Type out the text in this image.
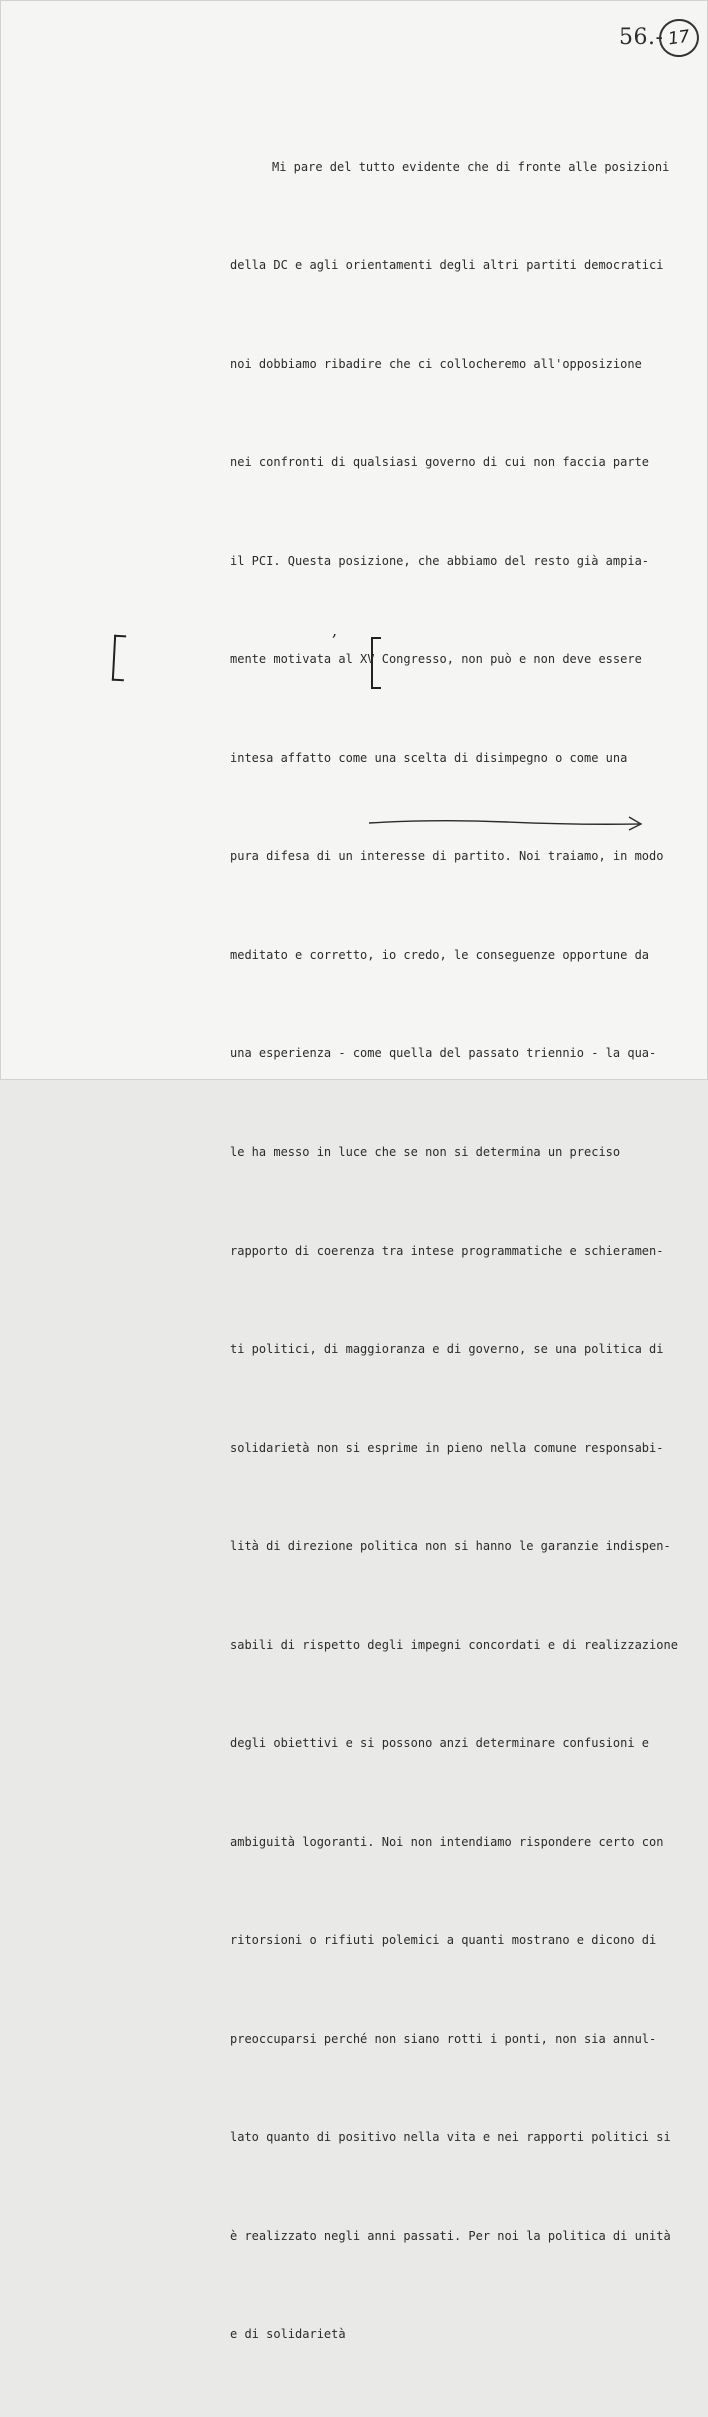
56.- 17

Mi pare del tutto evidente che di fronte alle posizioni

della DC e agli orientamenti degli altri partiti democratici

noi dobbiamo ribadire che ci collocheremo all'opposizione

nei confronti di qualsiasi governo di cui non faccia parte

il PCI. Questa posizione, che abbiamo del resto già ampia-

mente motivata al XV Congresso, non può e non deve essere

intesa affatto come una scelta di disimpegno o come una

pura difesa di un interesse di partito. Noi traiamo, in modo

meditato e corretto, io credo, le conseguenze opportune da

una esperienza - come quella del passato triennio - la qua-

le ha messo in luce che se non si determina un preciso

rapporto di coerenza tra intese programmatiche e schieramen-

ti politici, di maggioranza e di governo, se una politica di

solidarietà non si esprime in pieno nella comune responsabi-

lità di direzione politica non si hanno le garanzie indispen-

sabili di rispetto degli impegni concordati e di realizzazione

degli obiettivi e si possono anzi determinare confusioni e

ambiguità logoranti. Noi non intendiamo rispondere certo con

ritorsioni o rifiuti polemici a quanti mostrano e dicono di

preoccuparsi perché non siano rotti i ponti, non sia annul-

lato quanto di positivo nella vita e nei rapporti politici si

è realizzato negli anni passati. Per noi la politica di unità

e di solidarietà

,
